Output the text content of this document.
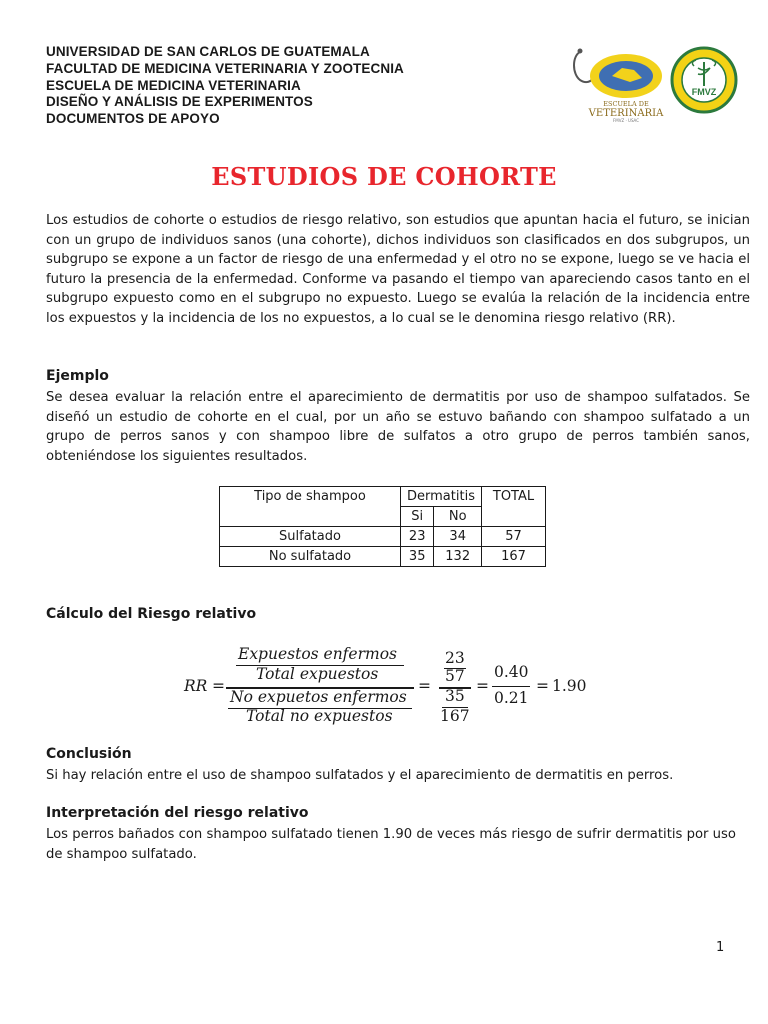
UNIVERSIDAD DE SAN CARLOS DE GUATEMALA
FACULTAD DE MEDICINA VETERINARIA Y ZOOTECNIA
ESCUELA DE MEDICINA VETERINARIA
DISEÑO Y ANÁLISIS DE EXPERIMENTOS
DOCUMENTOS DE APOYO
ESCUELA DE
VETERINARIA
FMVZ · USAC
FMVZ
ESTUDIOS DE COHORTE
Los estudios de cohorte o estudios de riesgo relativo, son estudios que apuntan hacia el futuro, se inician con un grupo de individuos sanos (una cohorte), dichos individuos son clasificados en dos subgrupos, un subgrupo se expone a un factor de riesgo de una enfermedad y el otro no se expone, luego se ve hacia el futuro la presencia de la enfermedad. Conforme va pasando el tiempo van apareciendo casos tanto en el subgrupo expuesto como en el subgrupo no expuesto. Luego se evalúa la relación de la incidencia entre los expuestos y la incidencia de los no expuestos, a lo cual se le denomina riesgo relativo (RR).
Ejemplo
Se desea evaluar la relación entre el aparecimiento de dermatitis por uso de shampoo sulfatados. Se diseñó un estudio de cohorte en el cual, por un año se estuvo bañando con shampoo sulfatado a un grupo de perros sanos y con shampoo libre de sulfatos a otro grupo de perros también sanos, obteniéndose los siguientes resultados.
Tipo de shampoo	Dermatitis		TOTAL
	Si	No	
Sulfatado	23	34	57
No sulfatado	35	132	167
Cálculo del Riesgo relativo
RR =
Expuestos enfermos
Total expuestos
No expuetos enfermos
Total no expuestos
=
23
57
35
167
=
0.40
0.21
= 1.90
Conclusión
Si hay relación entre el uso de shampoo sulfatados y el aparecimiento de dermatitis en perros.
Interpretación del riesgo relativo
Los perros bañados con shampoo sulfatado tienen 1.90 de veces más riesgo de sufrir dermatitis por uso de shampoo sulfatado.
1
